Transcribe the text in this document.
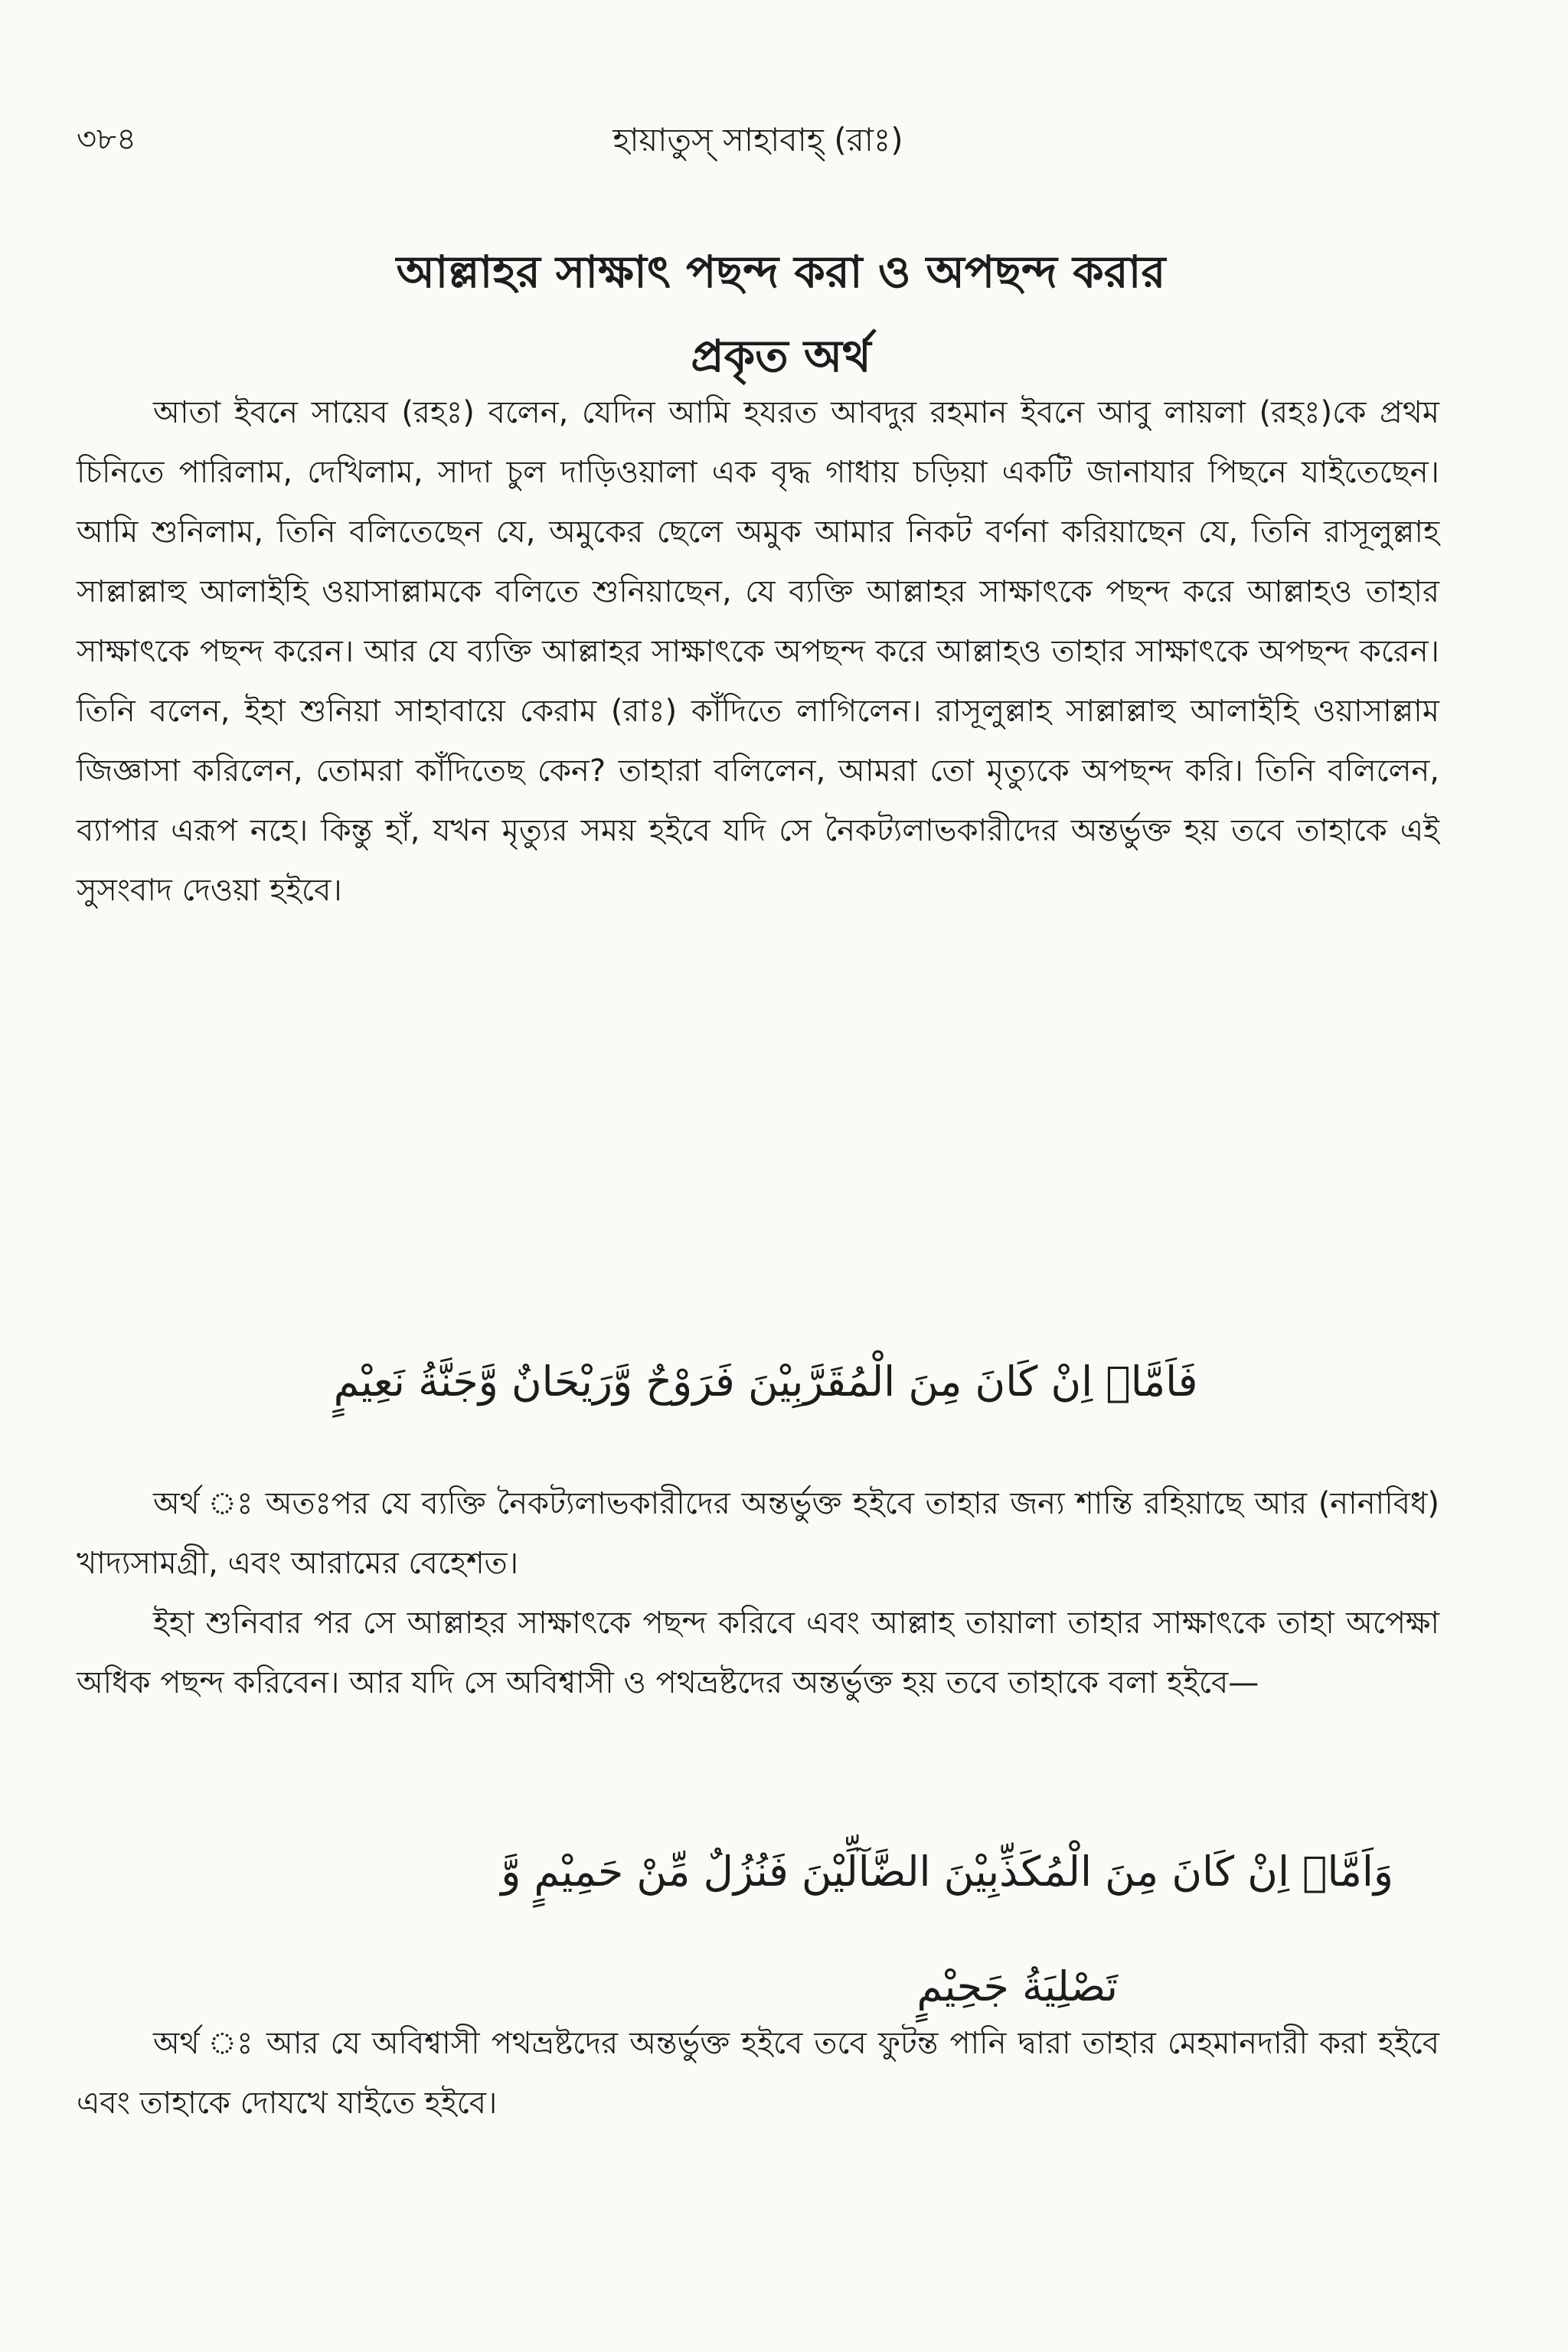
৩৮৪	হায়াতুস্ সাহাবাহ্ (রাঃ)
আল্লাহর সাক্ষাৎ পছন্দ করা ও অপছন্দ করার
প্রকৃত অর্থ

আতা ইবনে সায়েব (রহঃ) বলেন, যেদিন আমি হযরত আবদুর রহমান ইবনে আবু লায়লা (রহঃ)কে প্রথম চিনিতে পারিলাম, দেখিলাম, সাদা চুল দাড়িওয়ালা এক বৃদ্ধ গাধায় চড়িয়া একটি জানাযার পিছনে যাইতেছেন। আমি শুনিলাম, তিনি বলিতেছেন যে, অমুকের ছেলে অমুক আমার নিকট বর্ণনা করিয়াছেন যে, তিনি রাসূলুল্লাহ সাল্লাল্লাহু আলাইহি ওয়াসাল্লামকে বলিতে শুনিয়াছেন, যে ব্যক্তি আল্লাহর সাক্ষাৎকে পছন্দ করে আল্লাহও তাহার সাক্ষাৎকে পছন্দ করেন। আর যে ব্যক্তি আল্লাহর সাক্ষাৎকে অপছন্দ করে আল্লাহও তাহার সাক্ষাৎকে অপছন্দ করেন। তিনি বলেন, ইহা শুনিয়া সাহাবায়ে কেরাম (রাঃ) কাঁদিতে লাগিলেন। রাসূলুল্লাহ সাল্লাল্লাহু আলাইহি ওয়াসাল্লাম জিজ্ঞাসা করিলেন, তোমরা কাঁদিতেছ কেন? তাহারা বলিলেন, আমরা তো মৃত্যুকে অপছন্দ করি। তিনি বলিলেন, ব্যাপার এরূপ নহে। কিন্তু হাঁ, যখন মৃত্যুর সময় হইবে যদি সে নৈকট্যলাভকারীদের অন্তর্ভুক্ত হয় তবে তাহাকে এই সুসংবাদ দেওয়া হইবে।

فَاَمَّاۤ اِنْ كَانَ مِنَ الْمُقَرَّبِيْنَ فَرَوْحٌ وَّرَيْحَانٌ وَّجَنَّةُ نَعِيْمٍ

অর্থ ঃ অতঃপর যে ব্যক্তি নৈকট্যলাভকারীদের অন্তর্ভুক্ত হইবে তাহার জন্য শান্তি রহিয়াছে আর (নানাবিধ) খাদ্যসামগ্রী, এবং আরামের বেহেশত।

ইহা শুনিবার পর সে আল্লাহর সাক্ষাৎকে পছন্দ করিবে এবং আল্লাহ তায়ালা তাহার সাক্ষাৎকে তাহা অপেক্ষা অধিক পছন্দ করিবেন। আর যদি সে অবিশ্বাসী ও পথভ্রষ্টদের অন্তর্ভুক্ত হয় তবে তাহাকে বলা হইবে—

وَاَمَّاۤ اِنْ كَانَ مِنَ الْمُكَذِّبِيْنَ الضَّآلِّيْنَ فَنُزُلٌ مِّنْ حَمِيْمٍ وَّ
تَصْلِيَةُ جَحِيْمٍ

অর্থ ঃ আর যে অবিশ্বাসী পথভ্রষ্টদের অন্তর্ভুক্ত হইবে তবে ফুটন্ত পানি দ্বারা তাহার মেহমানদারী করা হইবে এবং তাহাকে দোযখে যাইতে হইবে।
